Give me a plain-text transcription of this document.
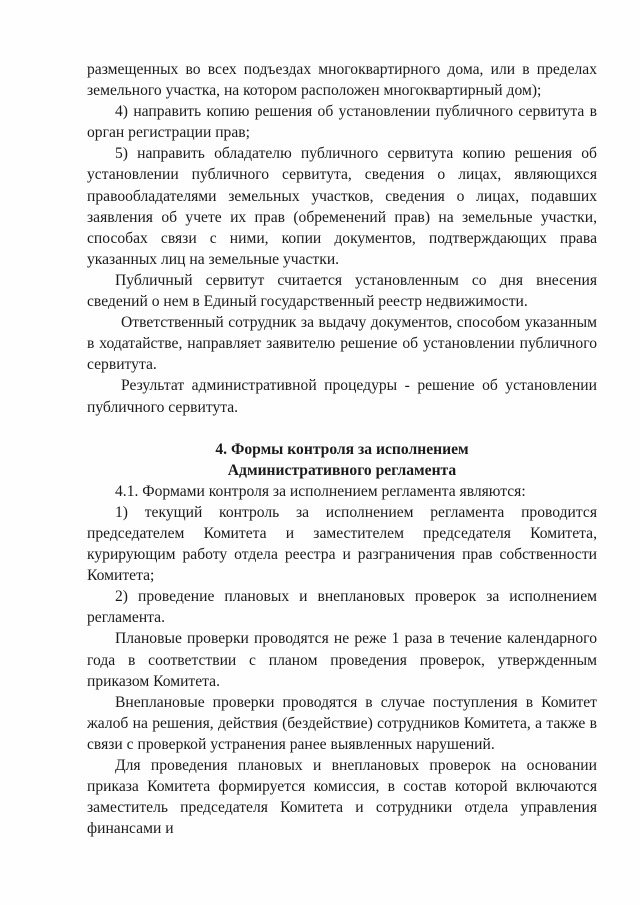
размещенных во всех подъездах многоквартирного дома, или в пределах земельного участка, на котором расположен многоквартирный дом);

4) направить копию решения об установлении публичного сервитута в орган регистрации прав;

5) направить обладателю публичного сервитута копию решения об установлении публичного сервитута, сведения о лицах, являющихся правообладателями земельных участков, сведения о лицах, подавших заявления об учете их прав (обременений прав) на земельные участки, способах связи с ними, копии документов, подтверждающих права указанных лиц на земельные участки.

Публичный сервитут считается установленным со дня внесения сведений о нем в Единый государственный реестр недвижимости.

Ответственный сотрудник за выдачу документов, способом указанным в ходатайстве, направляет заявителю решение об установлении публичного сервитута.

Результат административной процедуры - решение об установлении публичного сервитута.

4. Формы контроля за исполнением

Административного регламента

4.1. Формами контроля за исполнением регламента являются:

1) текущий контроль за исполнением регламента проводится председателем Комитета и заместителем председателя Комитета, курирующим работу отдела реестра и разграничения прав собственности Комитета;

2) проведение плановых и внеплановых проверок за исполнением регламента.

Плановые проверки проводятся не реже 1 раза в течение календарного года в соответствии с планом проведения проверок, утвержденным приказом Комитета.

Внеплановые проверки проводятся в случае поступления в Комитет жалоб на решения, действия (бездействие) сотрудников Комитета, а также в связи с проверкой устранения ранее выявленных нарушений.

Для проведения плановых и внеплановых проверок на основании приказа Комитета формируется комиссия, в состав которой включаются заместитель председателя Комитета и сотрудники отдела управления финансами и
